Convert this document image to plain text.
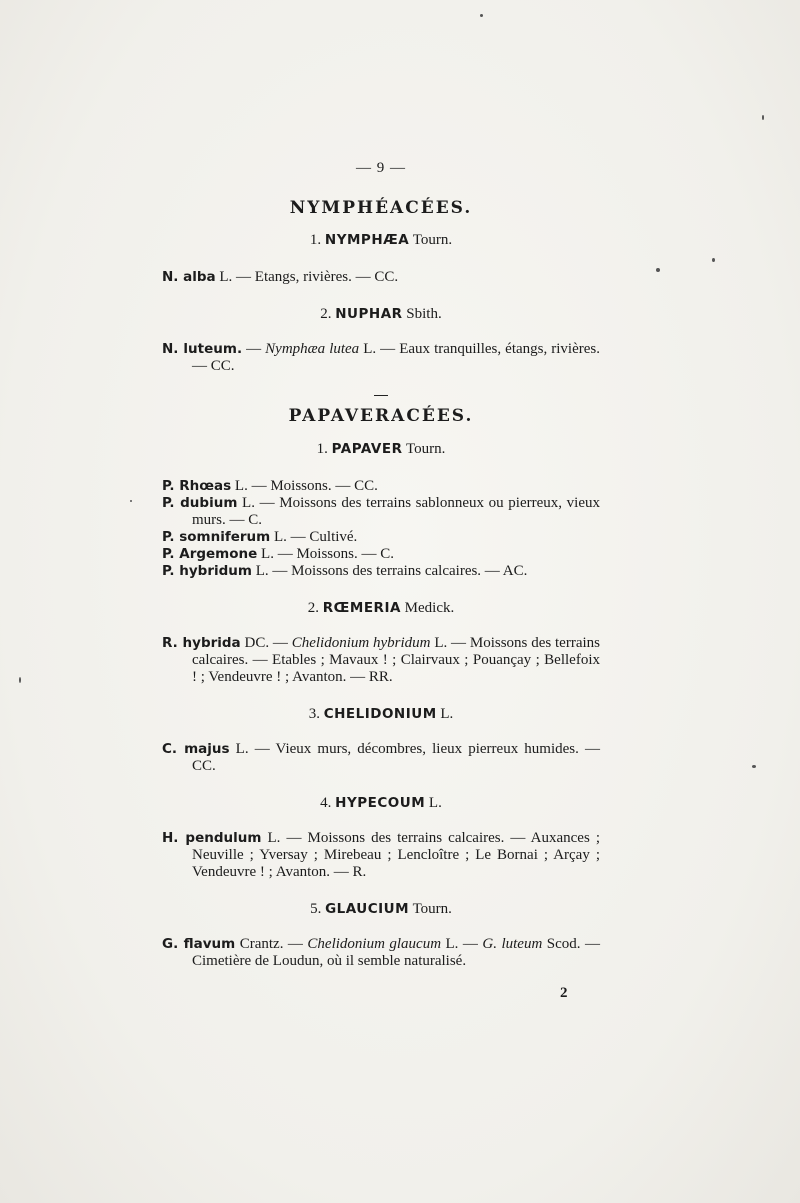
— 9 —
NYMPHÉACÉES.
1. NYMPHÆA Tourn.
N. alba L. — Etangs, rivières. — CC.
2. NUPHAR Sbith.
N. luteum. — Nymphæa lutea L. — Eaux tranquilles, étangs, rivières. — CC.
PAPAVERACÉES.
1. PAPAVER Tourn.
P. Rhœas L. — Moissons. — CC.
P. dubium L. — Moissons des terrains sablonneux ou pierreux, vieux murs. — C.
P. somniferum L. — Cultivé.
P. Argemone L. — Moissons. — C.
P. hybridum L. — Moissons des terrains calcaires. — AC.
2. RŒMERIA Medick.
R. hybrida DC. — Chelidonium hybridum L. — Moissons des terrains calcaires. — Etables ; Mavaux ! ; Clairvaux ; Pouançay ; Bellefoix ! ; Vendeuvre ! ; Avanton. — RR.
3. CHELIDONIUM L.
C. majus L. — Vieux murs, décombres, lieux pierreux humides. — CC.
4. HYPECOUM L.
H. pendulum L. — Moissons des terrains calcaires. — Auxances ; Neuville ; Yversay ; Mirebeau ; Lencloître ; Le Bornai ; Arçay ; Vendeuvre ! ; Avanton. — R.
5. GLAUCIUM Tourn.
G. flavum Crantz. — Chelidonium glaucum L. — G. luteum Scod. — Cimetière de Loudun, où il semble naturalisé.
2
